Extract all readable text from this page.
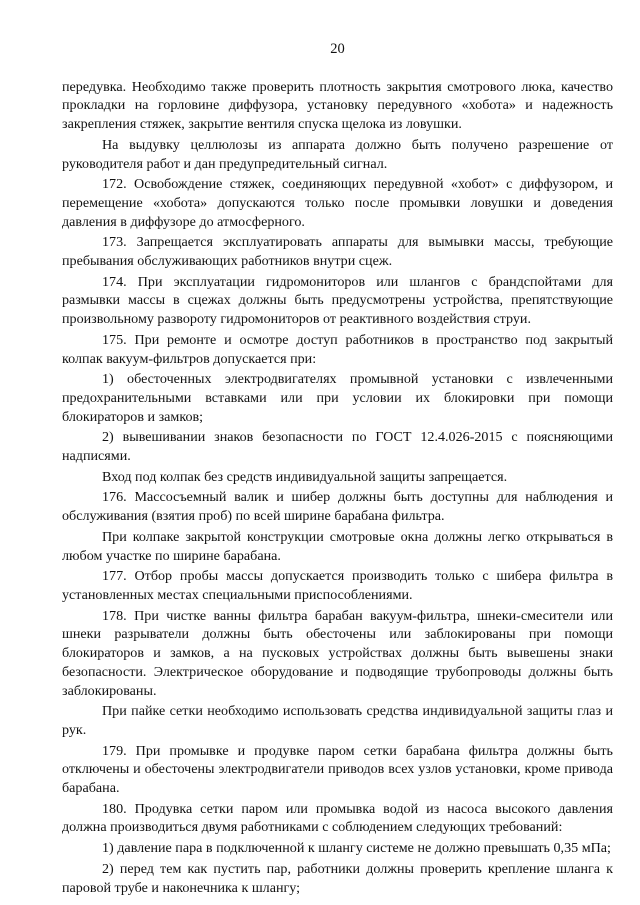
20

передувка. Необходимо также проверить плотность закрытия смотрового люка, качество прокладки на горловине диффузора, установку передувного «хобота» и надежность закрепления стяжек, закрытие вентиля спуска щелока из ловушки.

На выдувку целлюлозы из аппарата должно быть получено разрешение от руководителя работ и дан предупредительный сигнал.

172. Освобождение стяжек, соединяющих передувной «хобот» с диффузором, и перемещение «хобота» допускаются только после промывки ловушки и доведения давления в диффузоре до атмосферного.

173. Запрещается эксплуатировать аппараты для вымывки массы, требующие пребывания обслуживающих работников внутри сцеж.

174. При эксплуатации гидромониторов или шлангов с брандспойтами для размывки массы в сцежах должны быть предусмотрены устройства, препятствующие произвольному развороту гидромониторов от реактивного воздействия струи.

175. При ремонте и осмотре доступ работников в пространство под закрытый колпак вакуум-фильтров допускается при:

1) обесточенных электродвигателях промывной установки с извлеченными предохранительными вставками или при условии их блокировки при помощи блокираторов и замков;

2) вывешивании знаков безопасности по ГОСТ 12.4.026-2015 с поясняющими надписями.

Вход под колпак без средств индивидуальной защиты запрещается.

176. Массосъемный валик и шибер должны быть доступны для наблюдения и обслуживания (взятия проб) по всей ширине барабана фильтра.

При колпаке закрытой конструкции смотровые окна должны легко открываться в любом участке по ширине барабана.

177. Отбор пробы массы допускается производить только с шибера фильтра в установленных местах специальными приспособлениями.

178. При чистке ванны фильтра барабан вакуум-фильтра, шнеки-смесители или шнеки разрыватели должны быть обесточены или заблокированы при помощи блокираторов и замков, а на пусковых устройствах должны быть вывешены знаки безопасности. Электрическое оборудование и подводящие трубопроводы должны быть заблокированы.

При пайке сетки необходимо использовать средства индивидуальной защиты глаз и рук.

179. При промывке и продувке паром сетки барабана фильтра должны быть отключены и обесточены электродвигатели приводов всех узлов установки, кроме привода барабана.

180. Продувка сетки паром или промывка водой из насоса высокого давления должна производиться двумя работниками с соблюдением следующих требований:

1) давление пара в подключенной к шлангу системе не должно превышать 0,35 мПа;

2) перед тем как пустить пар, работники должны проверить крепление шланга к паровой трубе и наконечника к шлангу;
